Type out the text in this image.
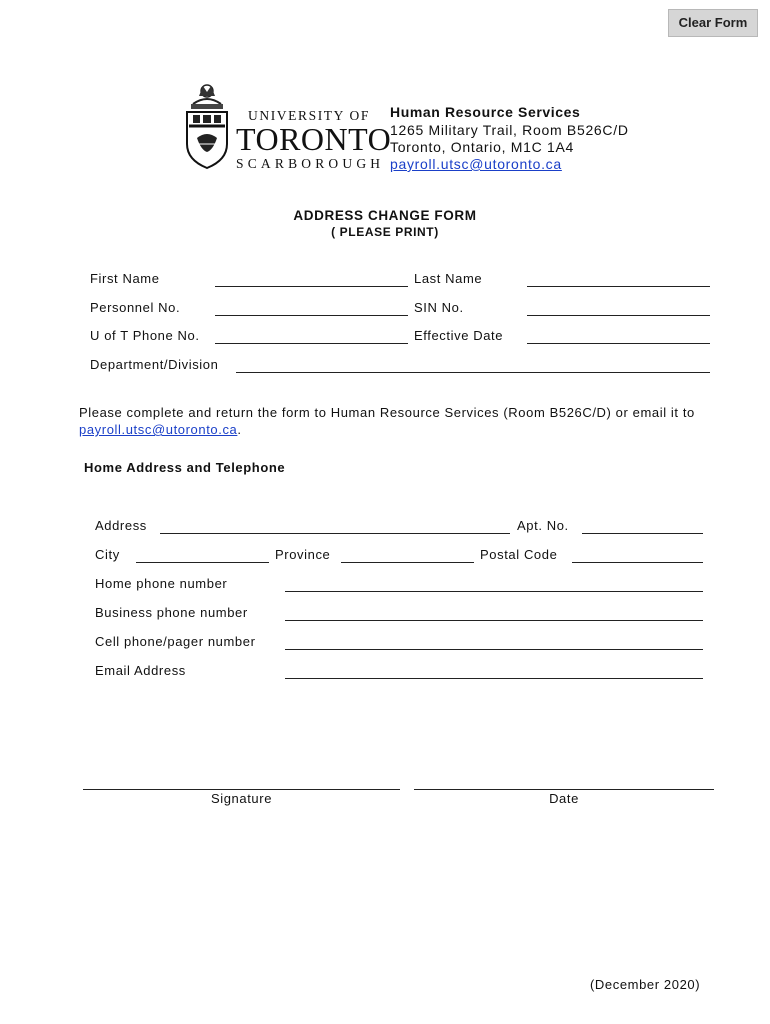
Clear Form
UNIVERSITY OF
TORONTO
SCARBOROUGH
Human Resource Services
1265 Military Trail, Room B526C/D
Toronto, Ontario, M1C 1A4
payroll.utsc@utoronto.ca
ADDRESS CHANGE FORM
( PLEASE PRINT)
First Name	Last Name
Personnel No.	SIN No.
U of T Phone No.	Effective Date
Department/Division
Please complete and return the form to Human Resource Services (Room B526C/D) or email it to
payroll.utsc@utoronto.ca.
Home Address and Telephone
Address	Apt. No.
City	Province	Postal Code
Home phone number
Business phone number
Cell phone/pager number
Email Address
Signature	Date
(December 2020)
